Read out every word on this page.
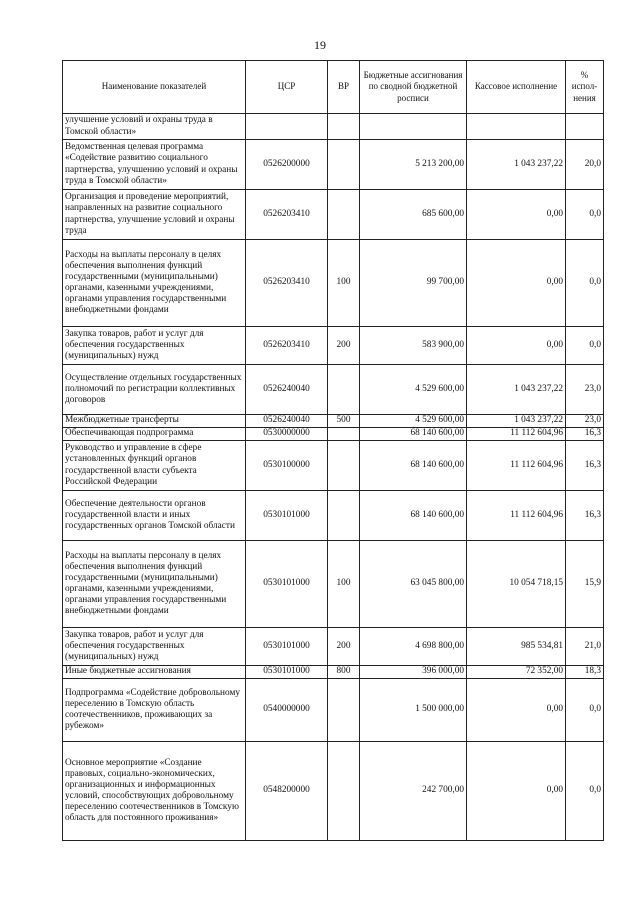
19
Наименование показателей	ЦСР	ВР	Бюджетные ассигнования по сводной бюджетной росписи	Кассовое исполнение	% испол-нения
улучшение условий и охраны труда в Томской области»					
Ведомственная целевая программа «Содействие развитию социального партнерства, улучшению условий и охраны труда в Томской области»	0526200000		5 213 200,00	1 043 237,22	20,0
Организация и проведение мероприятий, направленных на развитие социального партнерства, улучшение условий и охраны труда	0526203410		685 600,00	0,00	0,0
Расходы на выплаты персоналу в целях обеспечения выполнения функций государственными (муниципальными) органами, казенными учреждениями, органами управления государственными внебюджетными фондами	0526203410	100	99 700,00	0,00	0,0
Закупка товаров, работ и услуг для обеспечения государственных (муниципальных) нужд	0526203410	200	583 900,00	0,00	0,0
Осуществление отдельных государственных полномочий по регистрации коллективных договоров	0526240040		4 529 600,00	1 043 237,22	23,0
Межбюджетные трансферты	0526240040	500	4 529 600,00	1 043 237,22	23,0
Обеспечивающая подпрограмма	0530000000		68 140 600,00	11 112 604,96	16,3
Руководство и управление в сфере установленных функций органов государственной власти субъекта Российской Федерации	0530100000		68 140 600,00	11 112 604,96	16,3
Обеспечение деятельности органов государственной власти и иных государственных органов Томской области	0530101000		68 140 600,00	11 112 604,96	16,3
Расходы на выплаты персоналу в целях обеспечения выполнения функций государственными (муниципальными) органами, казенными учреждениями, органами управления государственными внебюджетными фондами	0530101000	100	63 045 800,00	10 054 718,15	15,9
Закупка товаров, работ и услуг для обеспечения государственных (муниципальных) нужд	0530101000	200	4 698 800,00	985 534,81	21,0
Иные бюджетные ассигнования	0530101000	800	396 000,00	72 352,00	18,3
Подпрограмма «Содействие добровольному переселению в Томскую область соотечественников, проживающих за рубежом»	0540000000		1 500 000,00	0,00	0,0
Основное мероприятие «Создание правовых, социально-экономических, организационных и информационных условий, способствующих добровольному переселению соотечественников в Томскую область для постоянного проживания»	0548200000		242 700,00	0,00	0,0
